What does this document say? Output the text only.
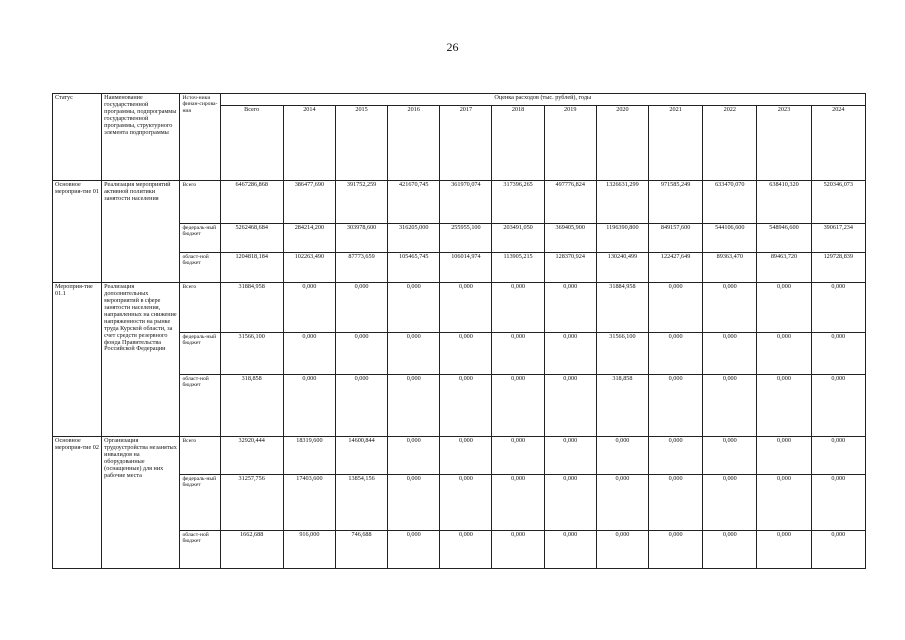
26
Статус	Наименование государственной программы, подпрограммы государственной программы, структурного элемента подпрограммы	Источ-ники финан-сирова-ния	Оценка расходов (тыс. рублей), годы											
			Всего	2014	2015	2016	2017	2018	2019	2020	2021	2022	2023	2024
Основное мероприя-тие 01	Реализация мероприятий активной политики занятости населения	Всего	6467286,868	386477,690	391752,259	421670,745	361970,074	317396,265	497776,824	1326631,299	971585,249	633470,070	638410,320	520346,073
		федераль-ный бюджет	5262468,684	284214,200	303978,600	316205,000	255955,100	203491,050	369405,900	1196390,800	849157,600	544106,600	548946,600	390617,234
		област-ной бюджет	1204818,184	102263,490	87773,659	105465,745	106014,974	113905,215	128370,924	130240,499	122427,649	89363,470	89463,720	129728,839
Мероприя-тие 01.1	Реализация дополнительных мероприятий в сфере занятости населения, направленных на снижение напряженности на рынке труда Курской области, за счет средств резервного фонда Правительства Российской Федерации	Всего	31884,958	0,000	0,000	0,000	0,000	0,000	0,000	31884,958	0,000	0,000	0,000	0,000
		федераль-ный бюджет	31566,100	0,000	0,000	0,000	0,000	0,000	0,000	31566,100	0,000	0,000	0,000	0,000
		област-ной бюджет	318,858	0,000	0,000	0,000	0,000	0,000	0,000	318,858	0,000	0,000	0,000	0,000
Основное мероприя-тие 02	Организация трудоустройства незанятых инвалидов на оборудованные (оснащенные) для них рабочие места	Всего	32920,444	18319,600	14600,844	0,000	0,000	0,000	0,000	0,000	0,000	0,000	0,000	0,000
		федераль-ный бюджет	31257,756	17403,600	13854,156	0,000	0,000	0,000	0,000	0,000	0,000	0,000	0,000	0,000
		област-ной бюджет	1662,688	916,000	746,688	0,000	0,000	0,000	0,000	0,000	0,000	0,000	0,000	0,000
